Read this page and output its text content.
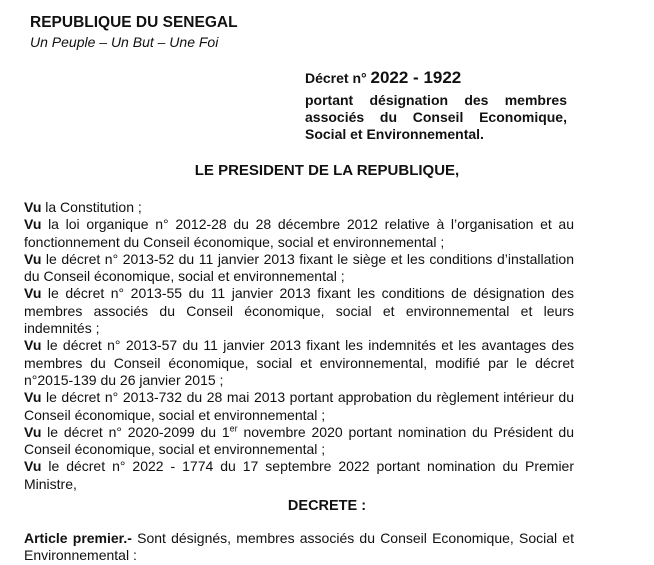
REPUBLIQUE DU SENEGAL
Un Peuple – Un But – Une Foi
Décret n° 2022 - 1922
portant désignation des membres associés du Conseil Economique, Social et Environnemental.
LE PRESIDENT DE LA REPUBLIQUE,

Vu la Constitution ;

Vu la loi organique n° 2012-28 du 28 décembre 2012 relative à l’organisation et au fonctionnement du Conseil économique, social et environnemental ;

Vu le décret n° 2013-52 du 11 janvier 2013 fixant le siège et les conditions d’installation du Conseil économique, social et environnemental ;

Vu le décret n° 2013-55 du 11 janvier 2013 fixant les conditions de désignation des membres associés du Conseil économique, social et environnemental et leurs indemnités ;

Vu le décret n° 2013-57 du 11 janvier 2013 fixant les indemnités et les avantages des membres du Conseil économique, social et environnemental, modifié par le décret n°2015-139 du 26 janvier 2015 ;

Vu le décret n° 2013-732 du 28 mai 2013 portant approbation du règlement intérieur du Conseil économique, social et environnemental ;

Vu le décret n° 2020-2099 du 1er novembre 2020 portant nomination du Président du Conseil économique, social et environnemental ;

Vu le décret n° 2022 - 1774 du 17 septembre 2022 portant nomination du Premier Ministre,

DECRETE :
Article premier.- Sont désignés, membres associés du Conseil Economique, Social et Environnemental :
